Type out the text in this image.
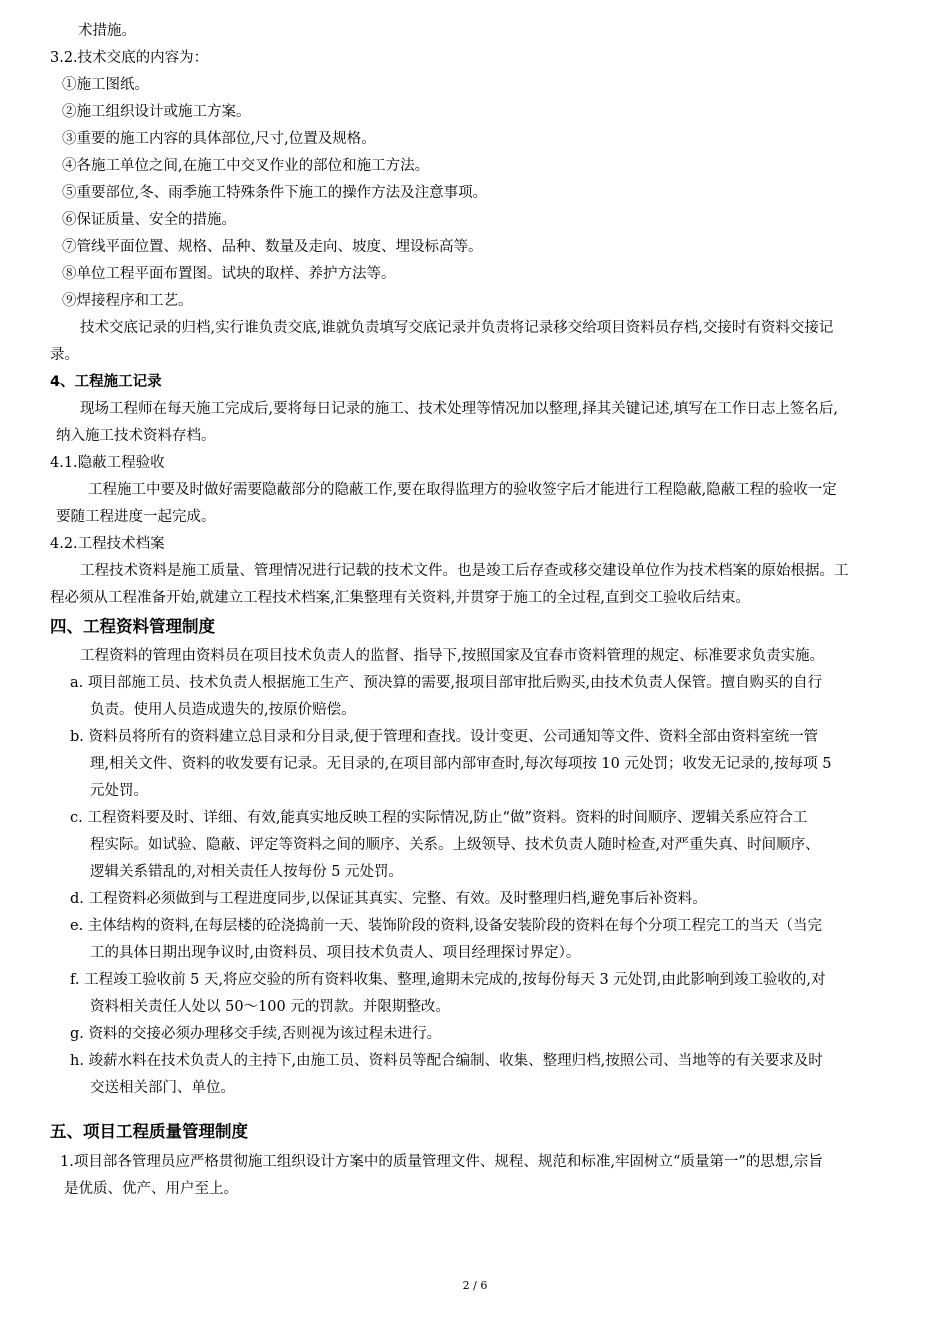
术措施。
3.2.技术交底的内容为：
①施工图纸。
②施工组织设计或施工方案。
③重要的施工内容的具体部位,尺寸,位置及规格。
④各施工单位之间,在施工中交叉作业的部位和施工方法。
⑤重要部位,冬、雨季施工特殊条件下施工的操作方法及注意事项。
⑥保证质量、安全的措施。
⑦管线平面位置、规格、品种、数量及走向、坡度、埋设标高等。
⑧单位工程平面布置图。试块的取样、养护方法等。
⑨焊接程序和工艺。
技术交底记录的归档,实行谁负责交底,谁就负责填写交底记录并负责将记录移交给项目资料员存档,交接时有资料交接记
录。
4、工程施工记录
现场工程师在每天施工完成后,要将每日记录的施工、技术处理等情况加以整理,择其关键记述,填写在工作日志上签名后,
纳入施工技术资料存档。
4.1.隐蔽工程验收
工程施工中要及时做好需要隐蔽部分的隐蔽工作,要在取得监理方的验收签字后才能进行工程隐蔽,隐蔽工程的验收一定
要随工程进度一起完成。
4.2.工程技术档案
工程技术资料是施工质量、管理情况进行记载的技术文件。也是竣工后存查或移交建设单位作为技术档案的原始根据。工
程必须从工程准备开始,就建立工程技术档案,汇集整理有关资料,并贯穿于施工的全过程,直到交工验收后结束。
四、工程资料管理制度
工程资料的管理由资料员在项目技术负责人的监督、指导下,按照国家及宜春市资料管理的规定、标准要求负责实施。
a. 项目部施工员、技术负责人根据施工生产、预决算的需要,报项目部审批后购买,由技术负责人保管。擅自购买的自行
负责。使用人员造成遗失的,按原价赔偿。
b. 资料员将所有的资料建立总目录和分目录,便于管理和查找。设计变更、公司通知等文件、资料全部由资料室统一管
理,相关文件、资料的收发要有记录。无目录的,在项目部内部审查时,每次每项按 10 元处罚；收发无记录的,按每项 5
元处罚。
c. 工程资料要及时、详细、有效,能真实地反映工程的实际情况,防止“做”资料。资料的时间顺序、逻辑关系应符合工
程实际。如试验、隐蔽、评定等资料之间的顺序、关系。上级领导、技术负责人随时检查,对严重失真、时间顺序、
逻辑关系错乱的,对相关责任人按每份 5 元处罚。
d. 工程资料必须做到与工程进度同步,以保证其真实、完整、有效。及时整理归档,避免事后补资料。
e. 主体结构的资料,在每层楼的砼浇捣前一天、装饰阶段的资料,设备安装阶段的资料在每个分项工程完工的当天（当完
工的具体日期出现争议时,由资料员、项目技术负责人、项目经理探讨界定）。
f. 工程竣工验收前 5 天,将应交验的所有资料收集、整理,逾期未完成的,按每份每天 3 元处罚,由此影响到竣工验收的,对
资料相关责任人处以 50～100 元的罚款。并限期整改。
g. 资料的交接必须办理移交手续,否则视为该过程未进行。
h. 竣薪水料在技术负责人的主持下,由施工员、资料员等配合编制、收集、整理归档,按照公司、当地等的有关要求及时
交送相关部门、单位。
五、项目工程质量管理制度
1.项目部各管理员应严格贯彻施工组织设计方案中的质量管理文件、规程、规范和标准,牢固树立“质量第一”的思想,宗旨
是优质、优产、用户至上。
2 / 6
